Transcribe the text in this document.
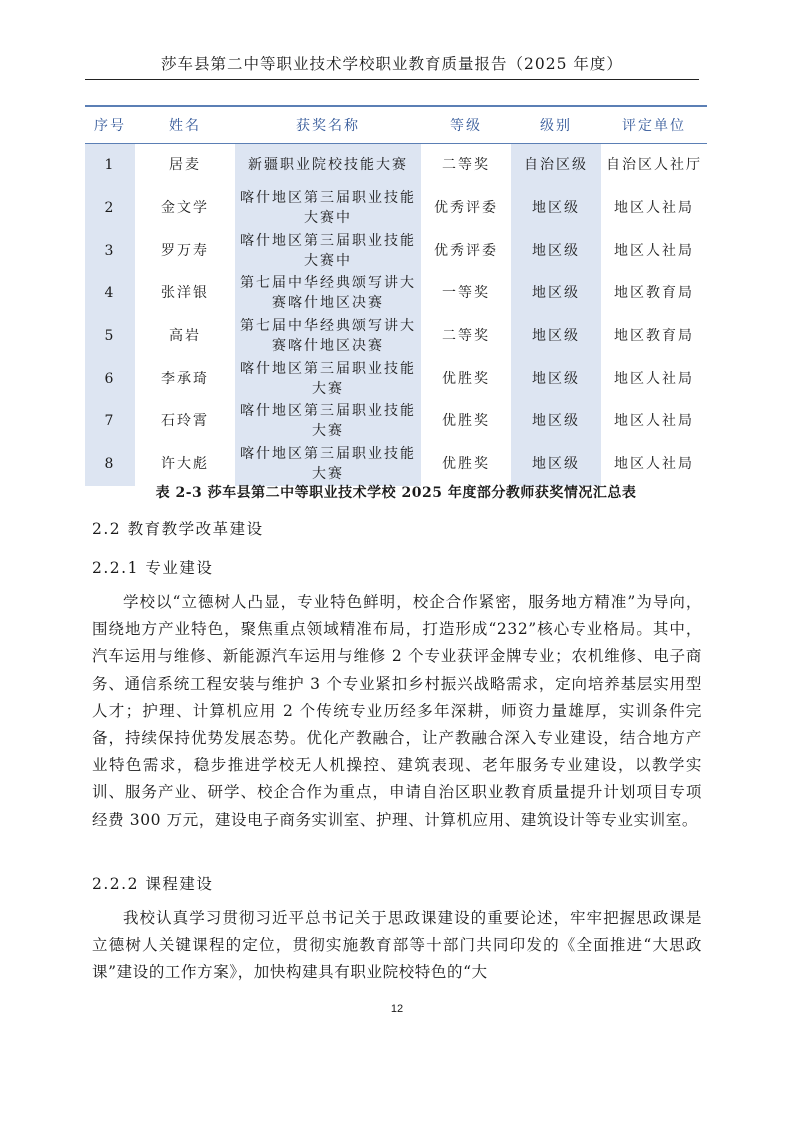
莎车县第二中等职业技术学校职业教育质量报告（2025 年度）
序号	姓名	获奖名称	等级	级别	评定单位
1	居麦	新疆职业院校技能大赛	二等奖	自治区级	自治区人社厅
2	金文学	喀什地区第三届职业技能大赛中	优秀评委	地区级	地区人社局
3	罗万寿	喀什地区第三届职业技能大赛中	优秀评委	地区级	地区人社局
4	张洋银	第七届中华经典颂写讲大赛喀什地区决赛	一等奖	地区级	地区教育局
5	高岩	第七届中华经典颂写讲大赛喀什地区决赛	二等奖	地区级	地区教育局
6	李承琦	喀什地区第三届职业技能大赛	优胜奖	地区级	地区人社局
7	石玲霄	喀什地区第三届职业技能大赛	优胜奖	地区级	地区人社局
8	许大彪	喀什地区第三届职业技能大赛	优胜奖	地区级	地区人社局
表 2-3 莎车县第二中等职业技术学校 2025 年度部分教师获奖情况汇总表
2.2 教育教学改革建设
2.2.1 专业建设

学校以“立德树人凸显，专业特色鲜明，校企合作紧密，服务地方精准”为导向，围绕地方产业特色，聚焦重点领域精准布局，打造形成“232”核心专业格局。其中，汽车运用与维修、新能源汽车运用与维修 2 个专业获评金牌专业；农机维修、电子商务、通信系统工程安装与维护 3 个专业紧扣乡村振兴战略需求，定向培养基层实用型人才；护理、计算机应用 2 个传统专业历经多年深耕，师资力量雄厚，实训条件完备，持续保持优势发展态势。优化产教融合，让产教融合深入专业建设，结合地方产业特色需求，稳步推进学校无人机操控、建筑表现、老年服务专业建设，以教学实训、服务产业、研学、校企合作为重点，申请自治区职业教育质量提升计划项目专项经费 300 万元，建设电子商务实训室、护理、计算机应用、建筑设计等专业实训室。

2.2.2 课程建设

我校认真学习贯彻习近平总书记关于思政课建设的重要论述，牢牢把握思政课是立德树人关键课程的定位，贯彻实施教育部等十部门共同印发的《全面推进“大思政课”建设的工作方案》，加快构建具有职业院校特色的“大

12
